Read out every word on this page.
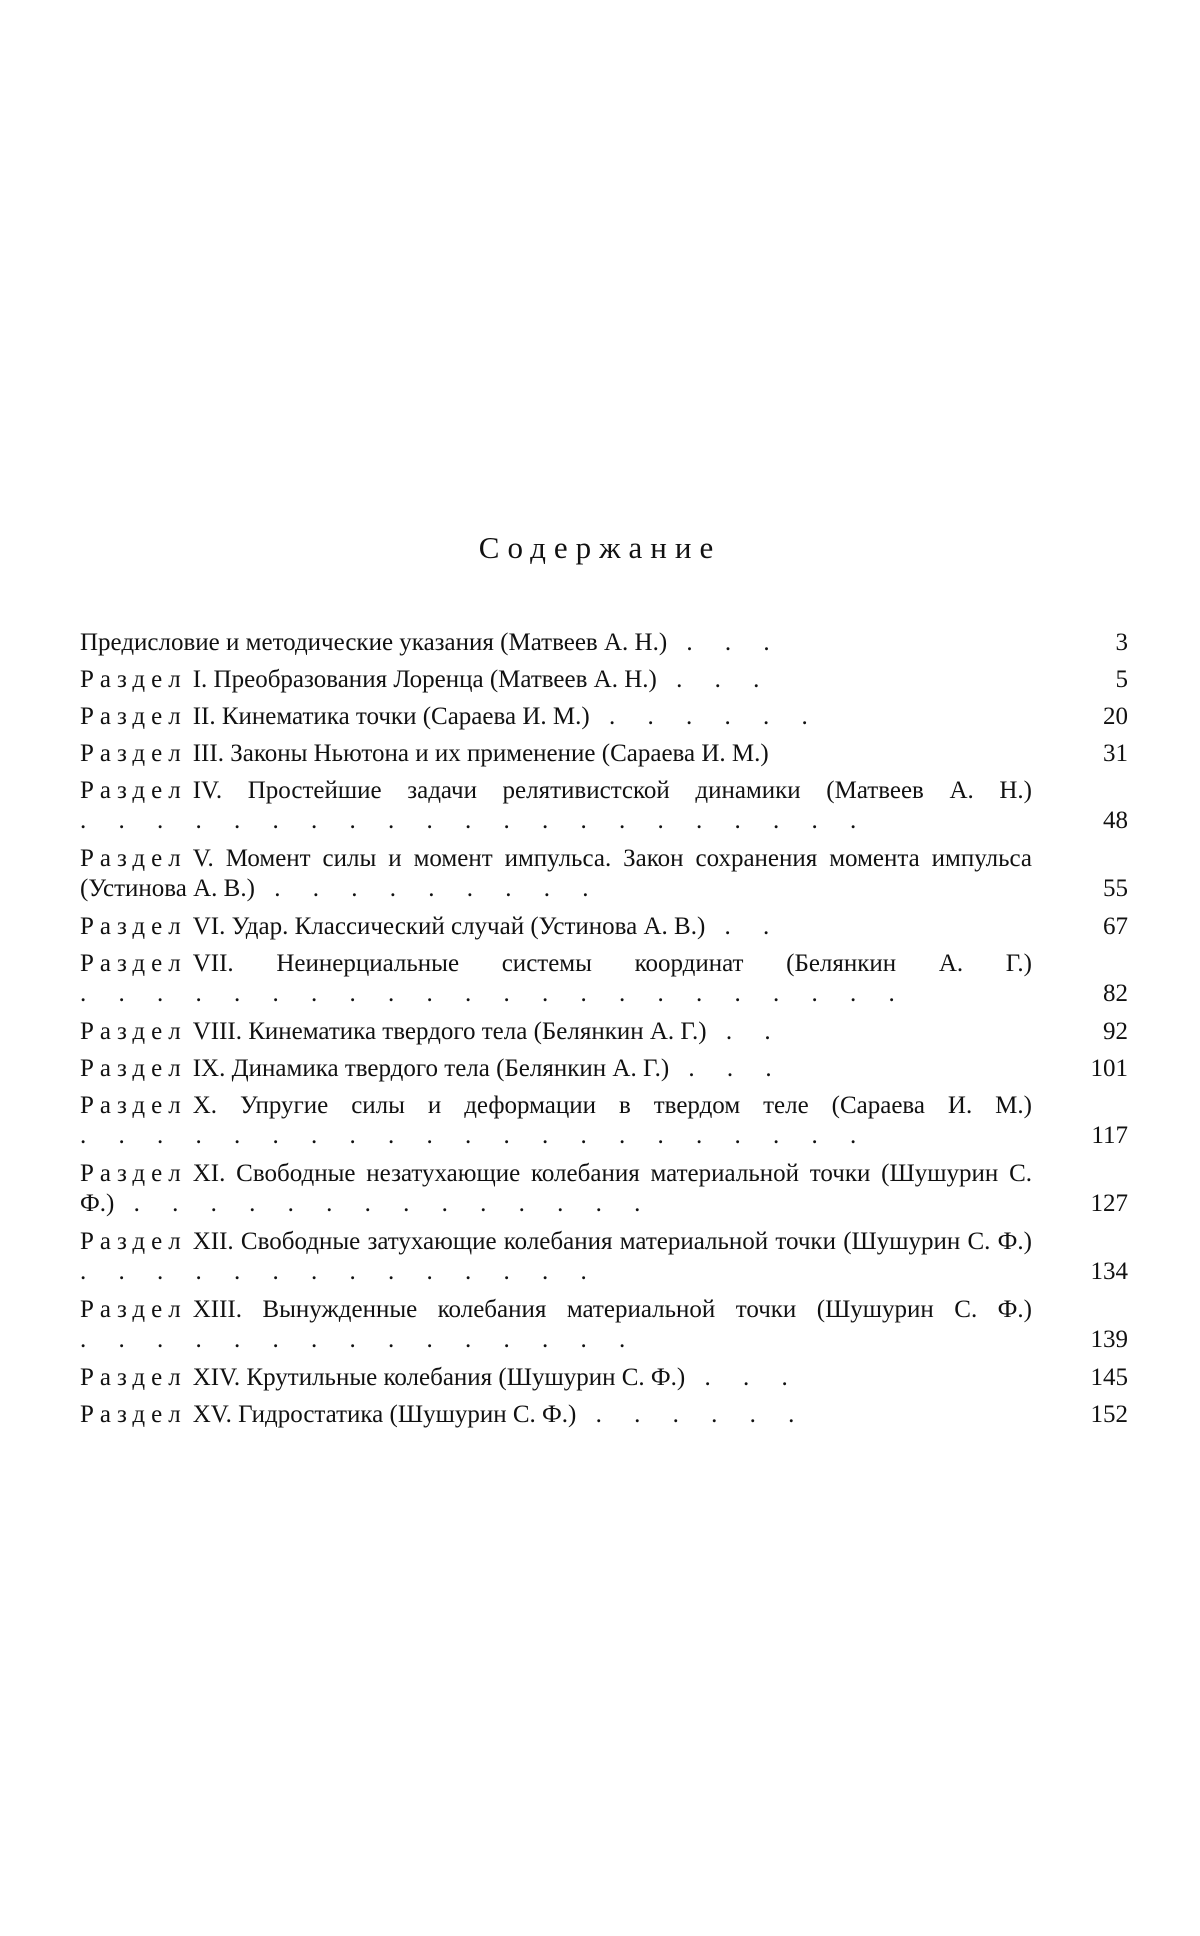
Содержание
Предисловие и методические указания (Матвеев А. Н.) . . .	3
Раздел I. Преобразования Лоренца (Матвеев А. Н.) . . .	5
Раздел II. Кинематика точки (Сараева И. М.) . . . . . .	20
Раздел III. Законы Ньютона и их применение (Сараева И. М.)	31
Раздел IV. Простейшие задачи релятивистской динамики (Матвеев А. Н.) . . . . . . . . . . . . . . . . . . . . .	48
Раздел V. Момент силы и момент импульса. Закон сохранения момента импульса (Устинова А. В.) . . . . . . . . .	55
Раздел VI. Удар. Классический случай (Устинова А. В.) . .	67
Раздел VII. Неинерциальные системы координат (Белянкин А. Г.) . . . . . . . . . . . . . . . . . . . . . .	82
Раздел VIII. Кинематика твердого тела (Белянкин А. Г.) . .	92
Раздел IX. Динамика твердого тела (Белянкин А. Г.) . . .	101
Раздел X. Упругие силы и деформации в твердом теле (Сараева И. М.) . . . . . . . . . . . . . . . . . . . . .	117
Раздел XI. Свободные незатухающие колебания материальной точки (Шушурин С. Ф.) . . . . . . . . . . . . . .	127
Раздел XII. Свободные затухающие колебания материальной точки (Шушурин С. Ф.) . . . . . . . . . . . . . .	134
Раздел XIII. Вынужденные колебания материальной точки (Шушурин С. Ф.) . . . . . . . . . . . . . . .	139
Раздел XIV. Крутильные колебания (Шушурин С. Ф.) . . .	145
Раздел XV. Гидростатика (Шушурин С. Ф.) . . . . . .	152
